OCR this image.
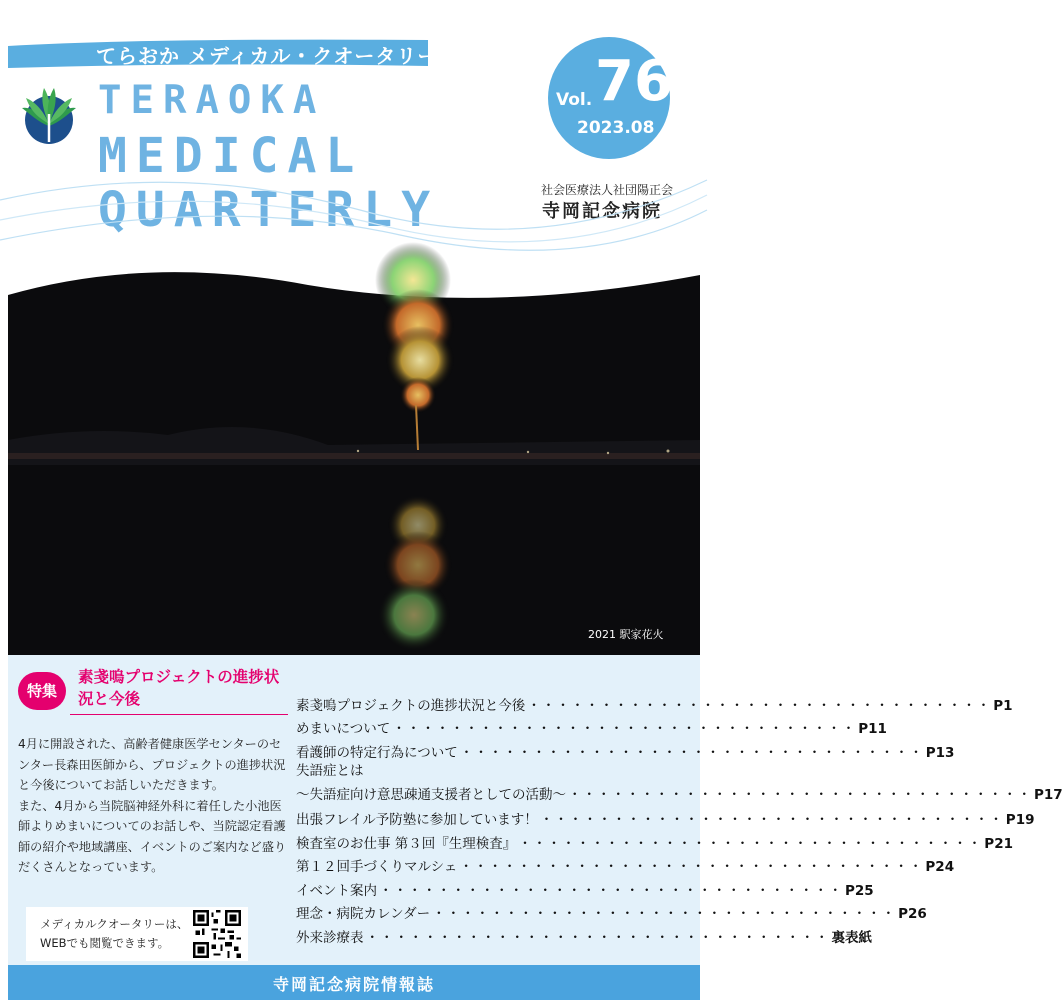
てらおか メディカル・クオータリー
TERAOKA
MEDICAL
QUARTERLY
Vol. 76
2023.08
社会医療法人社団陽正会
寺岡記念病院
2021 駅家花火
特集
素戔嗚プロジェクトの進捗状況と今後

4月に開設された、高齢者健康医学センターのセンター長森田医師から、プロジェクトの進捗状況と今後についてお話しいただきます。

また、4月から当院脳神経外科に着任した小池医師よりめまいについてのお話しや、当院認定看護師の紹介や地域講座、イベントのご案内など盛りだくさんとなっています。

メディカルクオータリーは、
WEBでも閲覧できます。
素戔嗚プロジェクトの進捗状況と今後 ・・・・・・・・・・・・・・・・・・・・・・・・・・・・・・・・ P1
めまいについて ・・・・・・・・・・・・・・・・・・・・・・・・・・・・・・・・ P11
看護師の特定行為について ・・・・・・・・・・・・・・・・・・・・・・・・・・・・・・・・ P13
失語症とは
〜失語症向け意思疎通支援者としての活動〜 ・・・・・・・・・・・・・・・・・・・・・・・・・・・・・・・・ P17
出張フレイル予防塾に参加しています！ ・・・・・・・・・・・・・・・・・・・・・・・・・・・・・・・・ P19
検査室のお仕事 第３回『生理検査』 ・・・・・・・・・・・・・・・・・・・・・・・・・・・・・・・・ P21
第１２回手づくりマルシェ ・・・・・・・・・・・・・・・・・・・・・・・・・・・・・・・・ P24
イベント案内 ・・・・・・・・・・・・・・・・・・・・・・・・・・・・・・・・ P25
理念・病院カレンダー ・・・・・・・・・・・・・・・・・・・・・・・・・・・・・・・・ P26
外来診療表 ・・・・・・・・・・・・・・・・・・・・・・・・・・・・・・・・ 裏表紙
寺岡記念病院情報誌
